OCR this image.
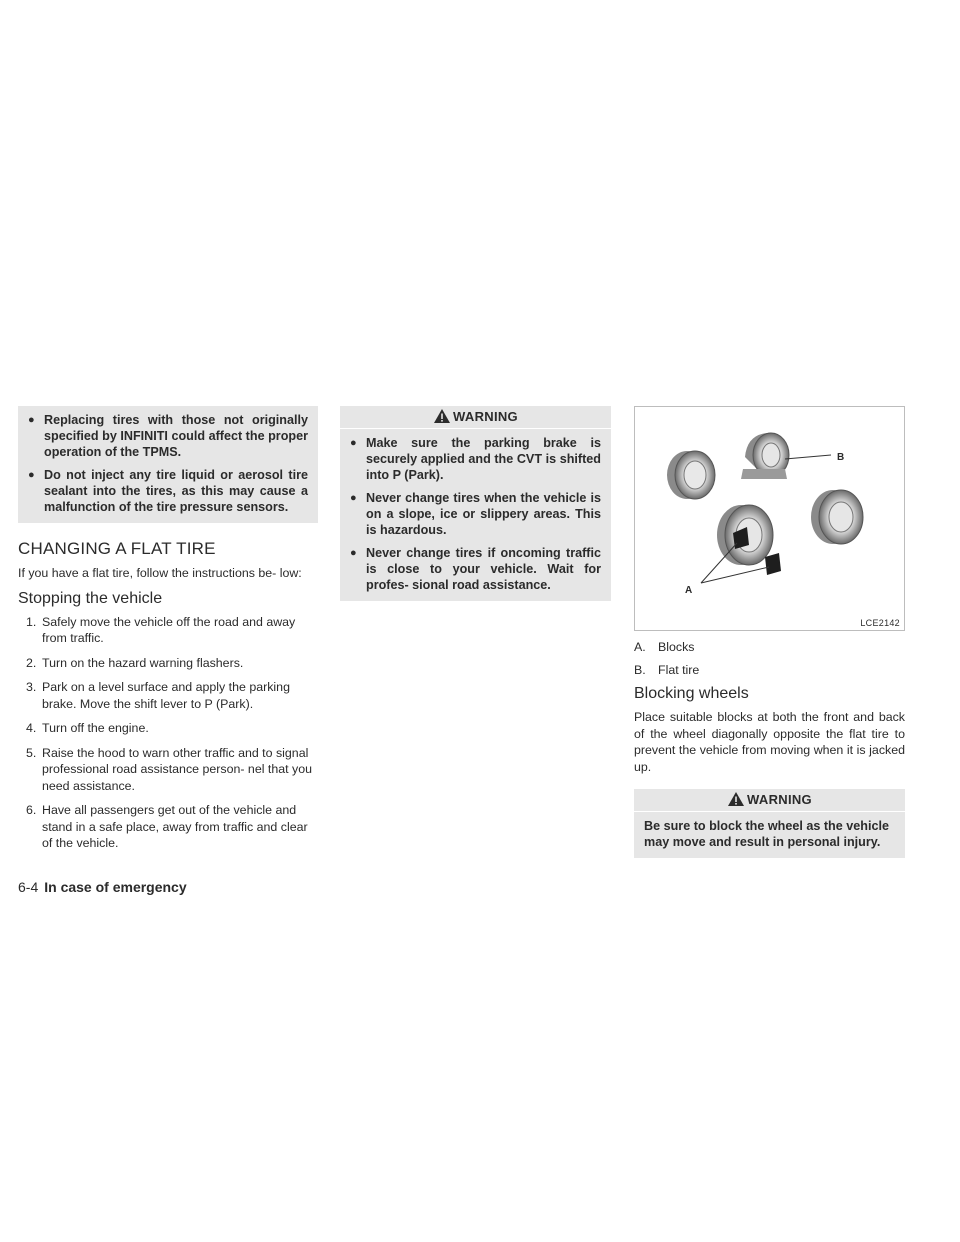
● Replacing tires with those not originally specified by INFINITI could affect the proper operation of the TPMS.
● Do not inject any tire liquid or aerosol tire sealant into the tires, as this may cause a malfunction of the tire pressure sensors.
CHANGING A FLAT TIRE

If you have a flat tire, follow the instructions be- low:

Stopping the vehicle
1. Safely move the vehicle off the road and away from traffic.
2. Turn on the hazard warning flashers.
3. Park on a level surface and apply the parking brake. Move the shift lever to P (Park).
4. Turn off the engine.
5. Raise the hood to warn other traffic and to signal professional road assistance person- nel that you need assistance.
6. Have all passengers get out of the vehicle and stand in a safe place, away from traffic and clear of the vehicle.
WARNING
● Make sure the parking brake is securely applied and the CVT is shifted into P (Park).
● Never change tires when the vehicle is on a slope, ice or slippery areas. This is hazardous.
● Never change tires if oncoming traffic is close to your vehicle. Wait for profes- sional road assistance.
B
A
LCE2142
A. Blocks
B. Flat tire
Blocking wheels

Place suitable blocks at both the front and back of the wheel diagonally opposite the flat tire to prevent the vehicle from moving when it is jacked up.

WARNING
Be sure to block the wheel as the vehicle may move and result in personal injury.
6-4 In case of emergency
